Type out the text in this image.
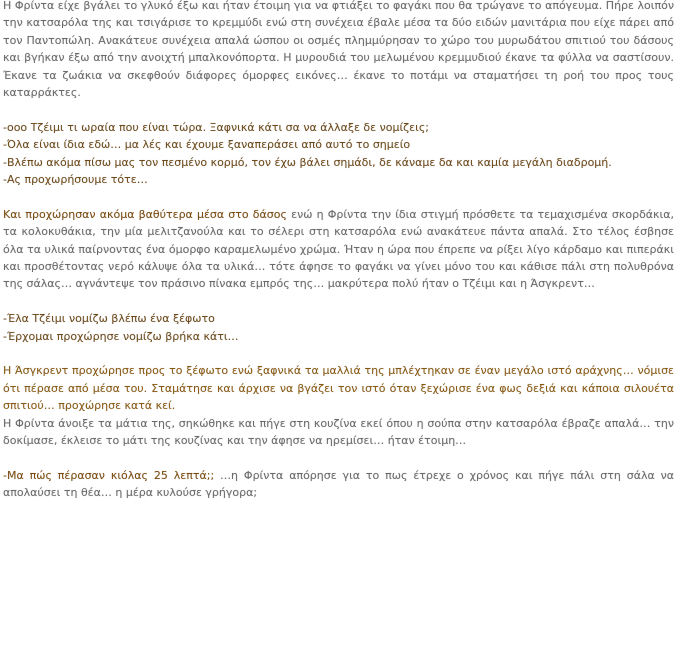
Η Φρίντα είχε βγάλει το γλυκό έξω και ήταν έτοιμη για να φτιάξει το φαγάκι που θα τρώγανε το απόγευμα. Πήρε λοιπόν την κατσαρόλα της και τσιγάρισε το κρεμμύδι ενώ στη συνέχεια έβαλε μέσα τα δύο ειδών μανιτάρια που είχε πάρει από τον Παντοπώλη. Ανακάτευε συνέχεια απαλά ώσπου οι οσμές πλημμύρησαν το χώρο του μυρωδάτου σπιτιού του δάσους και βγήκαν έξω από την ανοιχτή μπαλκονόπορτα. Η μυρουδιά του μελωμένου κρεμμυδιού έκανε τα φύλλα να σαστίσουν. Έκανε τα ζωάκια να σκεφθούν διάφορες όμορφες εικόνες… έκανε το ποτάμι να σταματήσει τη ροή του προς τους καταρράκτες.

-οοο Τζέιμι τι ωραία που είναι τώρα. Ξαφνικά κάτι σα να άλλαξε δε νομίζεις;

-Όλα είναι ίδια εδώ… μα λές και έχουμε ξαναπεράσει από αυτό το σημείο

-Βλέπω ακόμα πίσω μας τον πεσμένο κορμό, τον έχω βάλει σημάδι, δε κάναμε δα και καμία μεγάλη διαδρομή.

-Ας προχωρήσουμε τότε…

Και προχώρησαν ακόμα βαθύτερα μέσα στο δάσος ενώ η Φρίντα την ίδια στιγμή πρόσθετε τα τεμαχισμένα σκορδάκια, τα κολοκυθάκια, την μία μελιτζανούλα και το σέλερι στη κατσαρόλα ενώ ανακάτευε πάντα απαλά. Στο τέλος έσβησε όλα τα υλικά παίρνοντας ένα όμορφο καραμελωμένο χρώμα. Ήταν η ώρα που έπρεπε να ρίξει λίγο κάρδαμο και πιπεράκι και προσθέτοντας νερό κάλυψε όλα τα υλικά… τότε άφησε το φαγάκι να γίνει μόνο του και κάθισε πάλι στη πολυθρόνα της σάλας… αγνάντεψε τον πράσινο πίνακα εμπρός της… μακρύτερα πολύ ήταν ο Τζέιμι και η Άσγκρεντ…

-Έλα Τζέιμι νομίζω βλέπω ένα ξέφωτο

-Έρχομαι προχώρησε νομίζω βρήκα κάτι…

Η Άσγκρεντ προχώρησε προς το ξέφωτο ενώ ξαφνικά τα μαλλιά της μπλέχτηκαν σε έναν μεγάλο ιστό αράχνης… νόμισε ότι πέρασε από μέσα του. Σταμάτησε και άρχισε να βγάζει τον ιστό όταν ξεχώρισε ένα φως δεξιά και κάποια σιλουέτα σπιτιού… προχώρησε κατά κεί.

Η Φρίντα άνοιξε τα μάτια της, σηκώθηκε και πήγε στη κουζίνα εκεί όπου η σούπα στην κατσαρόλα έβραζε απαλά… την δοκίμασε, έκλεισε το μάτι της κουζίνας και την άφησε να ηρεμίσει… ήταν έτοιμη…

-Μα πώς πέρασαν κιόλας 25 λεπτά;; …η Φρίντα απόρησε για το πως έτρεχε ο χρόνος και πήγε πάλι στη σάλα να απολαύσει τη θέα… η μέρα κυλούσε γρήγορα;
